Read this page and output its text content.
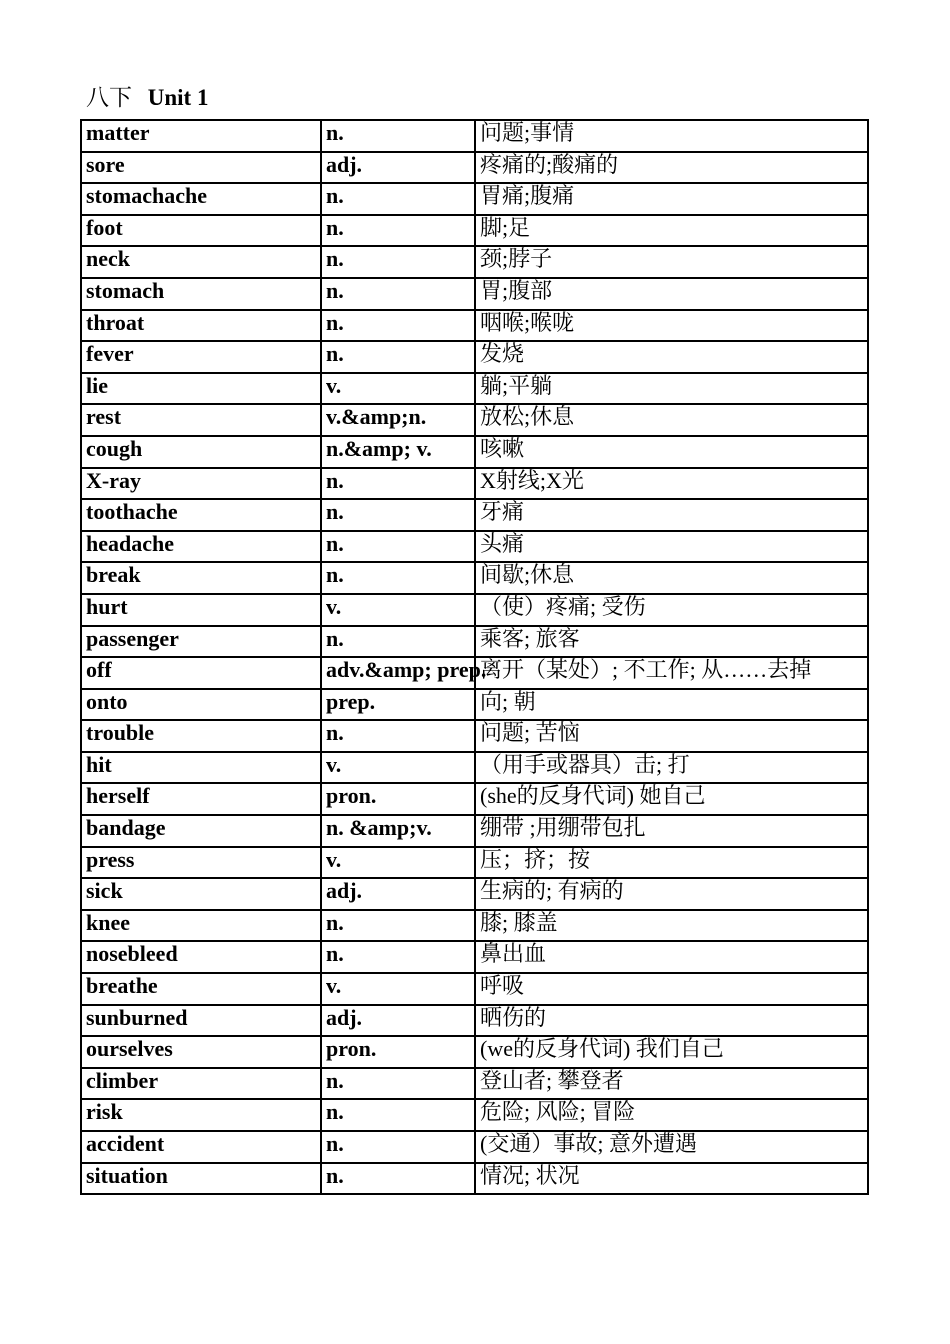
八下 Unit 1
matter	n.	问题;事情
sore	adj.	疼痛的;酸痛的
stomachache	n.	胃痛;腹痛
foot	n.	脚;足
neck	n.	颈;脖子
stomach	n.	胃;腹部
throat	n.	咽喉;喉咙
fever	n.	发烧
lie	v.	躺;平躺
rest	v.&amp;n.	放松;休息
cough	n.&amp; v.	咳嗽
X-ray	n.	X射线;X光
toothache	n.	牙痛
headache	n.	头痛
break	n.	间歇;休息
hurt	v.	（使）疼痛; 受伤
passenger	n.	乘客; 旅客
off	adv.&amp; prep.	离开（某处）; 不工作; 从……去掉
onto	prep.	向; 朝
trouble	n.	问题; 苦恼
hit	v.	（用手或器具）击; 打
herself	pron.	(she的反身代词) 她自己
bandage	n. &amp;v.	绷带 ;用绷带包扎
press	v.	压；挤；按
sick	adj.	生病的; 有病的
knee	n.	膝; 膝盖
nosebleed	n.	鼻出血
breathe	v.	呼吸
sunburned	adj.	晒伤的
ourselves	pron.	(we的反身代词) 我们自己
climber	n.	登山者; 攀登者
risk	n.	危险; 风险; 冒险
accident	n.	(交通）事故; 意外遭遇
situation	n.	情况; 状况
